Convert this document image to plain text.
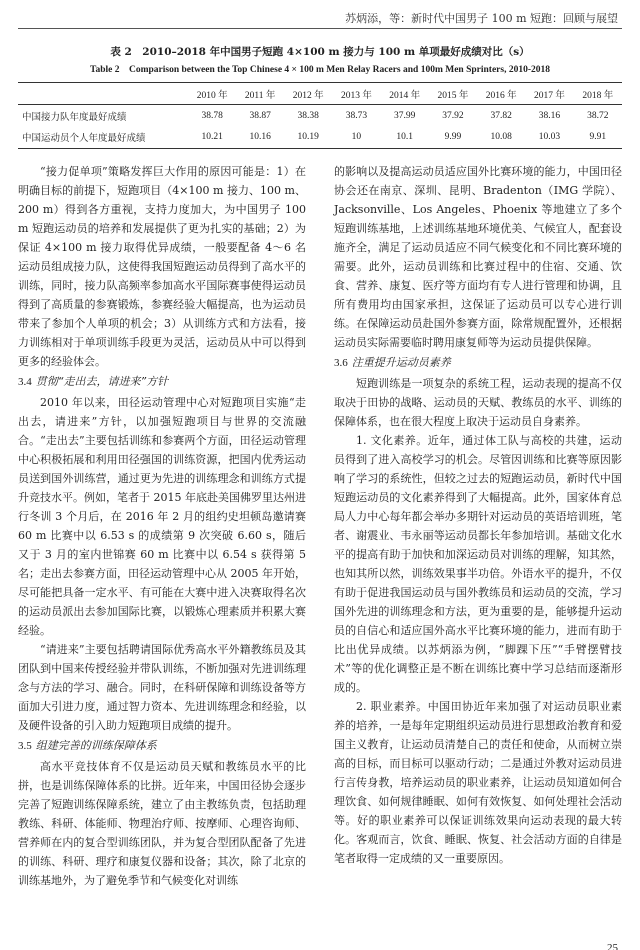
苏炳添，等：新时代中国男子 100 m 短跑：回顾与展望
表 2　2010–2018 年中国男子短跑 4×100 m 接力与 100 m 单项最好成绩对比（s）
Table 2　Comparison between the Top Chinese 4 × 100 m Men Relay Racers and 100m Men Sprinters, 2010-2018
	2010 年	2011 年	2012 年	2013 年	2014 年	2015 年	2016 年	2017 年	2018 年
中国接力队年度最好成绩	38.78	38.87	38.38	38.73	37.99	37.92	37.82	38.16	38.72
中国运动员个人年度最好成绩	10.21	10.16	10.19	10	10.1	9.99	10.08	10.03	9.91

“接力促单项”策略发挥巨大作用的原因可能是：1）在明确目标的前提下，短跑项目（4×100 m 接力、100 m、200 m）得到各方重视，支持力度加大，为中国男子 100 m 短跑运动员的培养和发展提供了更为扎实的基础；2）为保证 4×100 m 接力取得优异成绩，一般要配备 4～6 名运动员组成接力队，这使得我国短跑运动员得到了高水平的训练，同时，接力队高频率参加高水平国际赛事使得运动员得到了高质量的参赛锻炼，参赛经验大幅提高，也为运动员带来了参加个人单项的机会；3）从训练方式和方法看，接力训练相对于单项训练手段更为灵活，运动员从中可以得到更多的经验体会。

3.4 贯彻“走出去，请进来”方针

2010 年以来，田径运动管理中心对短跑项目实施“走出去，请进来”方针，以加强短跑项目与世界的交流融合。“走出去”主要包括训练和参赛两个方面，田径运动管理中心积极拓展和利用田径强国的训练资源，把国内优秀运动员送到国外训练营，通过更为先进的训练理念和训练方式提升竞技水平。例如，笔者于 2015 年底赴美国佛罗里达州进行冬训 3 个月后，在 2016 年 2 月的组约史坦顿岛邀请赛 60 m 比赛中以 6.53 s 的成绩第 9 次突破 6.60 s，随后又于 3 月的室内世锦赛 60 m 比赛中以 6.54 s 获得第 5 名；走出去参赛方面，田径运动管理中心从 2005 年开始，尽可能把具备一定水平、有可能在大赛中进入决赛取得名次的运动员派出去参加国际比赛，以锻炼心理素质并积累大赛经验。

“请进来”主要包括聘请国际优秀高水平外籍教练员及其团队到中国来传授经验并带队训练，不断加强对先进训练理念与方法的学习、融合。同时，在科研保障和训练设备等方面加大引进力度，通过智力资本、先进训练理念和经验，以及硬件设备的引入助力短跑项目成绩的提升。

3.5 组建完善的训练保障体系

高水平竞技体育不仅是运动员天赋和教练员水平的比拼，也是训练保障体系的比拼。近年来，中国田径协会逐步完善了短跑训练保障系统，建立了由主教练负责，包括助理教练、科研、体能师、物理治疗师、按摩师、心理咨询师、营养师在内的复合型训练团队，并为复合型团队配备了先进的训练、科研、理疗和康复仪器和设备；其次，除了北京的训练基地外，为了避免季节和气候变化对训练

的影响以及提高运动员适应国外比赛环境的能力，中国田径协会还在南京、深圳、昆明、Bradenton（IMG 学院）、Jacksonville、Los Angeles、Phoenix 等地建立了多个短跑训练基地，上述训练基地环境优美、气候宜人，配套设施齐全，满足了运动员适应不同气候变化和不同比赛环境的需要。此外，运动员训练和比赛过程中的住宿、交通、饮食、营养、康复、医疗等方面均有专人进行管理和协调，且所有费用均由国家承担，这保证了运动员可以专心进行训练。在保障运动员赴国外参赛方面，除常规配置外，还根据运动员实际需要临时聘用康复师等为运动员提供保障。

3.6 注重提升运动员素养

短跑训练是一项复杂的系统工程，运动表现的提高不仅取决于田协的战略、运动员的天赋、教练员的水平、训练的保障体系，也在很大程度上取决于运动员自身素养。

1. 文化素养。近年，通过体工队与高校的共建，运动员得到了进入高校学习的机会。尽管因训练和比赛等原因影响了学习的系统性，但较之过去的短跑运动员，新时代中国短跑运动员的文化素养得到了大幅提高。此外，国家体育总局人力中心每年都会举办多期针对运动员的英语培训班，笔者、谢震业、韦永丽等运动员都长年参加培训。基础文化水平的提高有助于加快和加深运动员对训练的理解，知其然，也知其所以然，训练效果事半功倍。外语水平的提升，不仅有助于促进我国运动员与国外教练员和运动员的交流，学习国外先进的训练理念和方法，更为重要的是，能够提升运动员的自信心和适应国外高水平比赛环境的能力，进而有助于比出优异成绩。以苏炳添为例，“脚踝下压”“手臂摆臂技术”等的优化调整正是不断在训练比赛中学习总结而逐渐形成的。

2. 职业素养。中国田协近年来加强了对运动员职业素养的培养，一是每年定期组织运动员进行思想政治教育和爱国主义教育，让运动员清楚自己的责任和使命，从而树立崇高的目标，而目标可以驱动行动；二是通过外教对运动员进行言传身教，培养运动员的职业素养，让运动员知道如何合理饮食、如何规律睡眠、如何有效恢复、如何处理社会活动等。好的职业素养可以保证训练效果向运动表现的最大转化。客观而言，饮食、睡眠、恢复、社会活动方面的自律是笔者取得一定成绩的又一重要原因。

25
